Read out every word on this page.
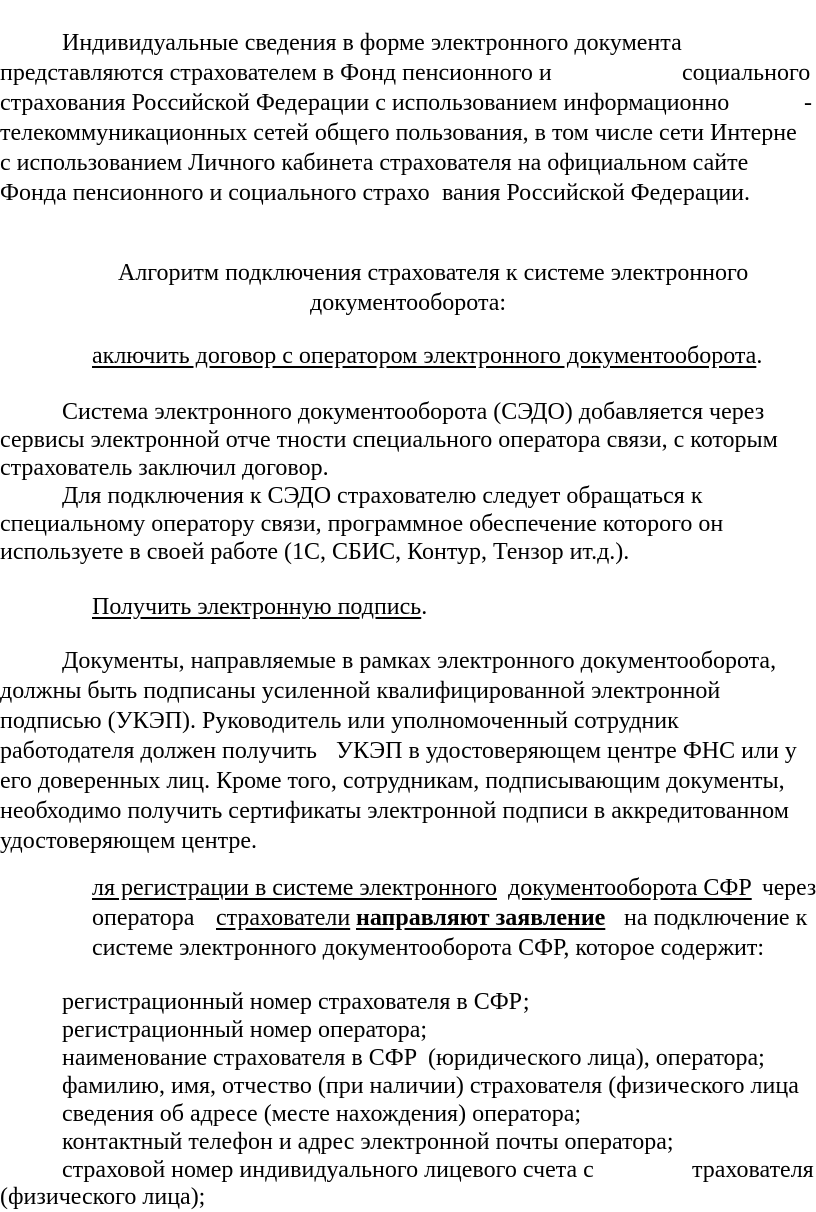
Индивидуальные сведения в форме электронного документа
представляются страхователем в Фонд пенсионного и	социального
страхования Российской Федерации с использованием информационно	-
телекоммуникационных сетей общего пользования, в том числе сети Интерне
с использованием Личного кабинета страхователя на официальном сайте
Фонда пенсионного и социального страхо вания Российской Федерации.
Алгоритм подключения страхователя к системе электронного
документооборота:
аключить договор с оператором электронного документооборота.
Система электронного документооборота (СЭДО) добавляется через
сервисы электронной отче тности специального оператора связи, с которым
страхователь заключил договор.
Для подключения к СЭДО страхователю следует обращаться к
специальному оператору связи, программное обеспечение которого он
используете в своей работе (1С, СБИС, Контур, Тензор ит.д.).
Получить электронную подпись.
Документы, направляемые в рамках электронного документооборота,
должны быть подписаны усиленной квалифицированной электронной
подписью (УКЭП). Руководитель или уполномоченный сотрудник
работодателя должен получить УКЭП в удостоверяющем центре ФНС или у
его доверенных лиц. Кроме того, сотрудникам, подписывающим документы,
необходимо получить сертификаты электронной подписи в аккредитованном
удостоверяющем центре.
ля регистрации в системе электронного документооборота СФР через
оператора страхователи направляют заявление на подключение к
системе электронного документооборота СФР, которое содержит:
регистрационный номер страхователя в СФР;
регистрационный номер оператора;
наименование страхователя в СФР (юридического лица), оператора;
фамилию, имя, отчество (при наличии) страхователя (физического лица
сведения об адресе (месте нахождения) оператора;
контактный телефон и адрес электронной почты оператора;
страховой номер индивидуального лицевого счета с	трахователя
(физического лица);
